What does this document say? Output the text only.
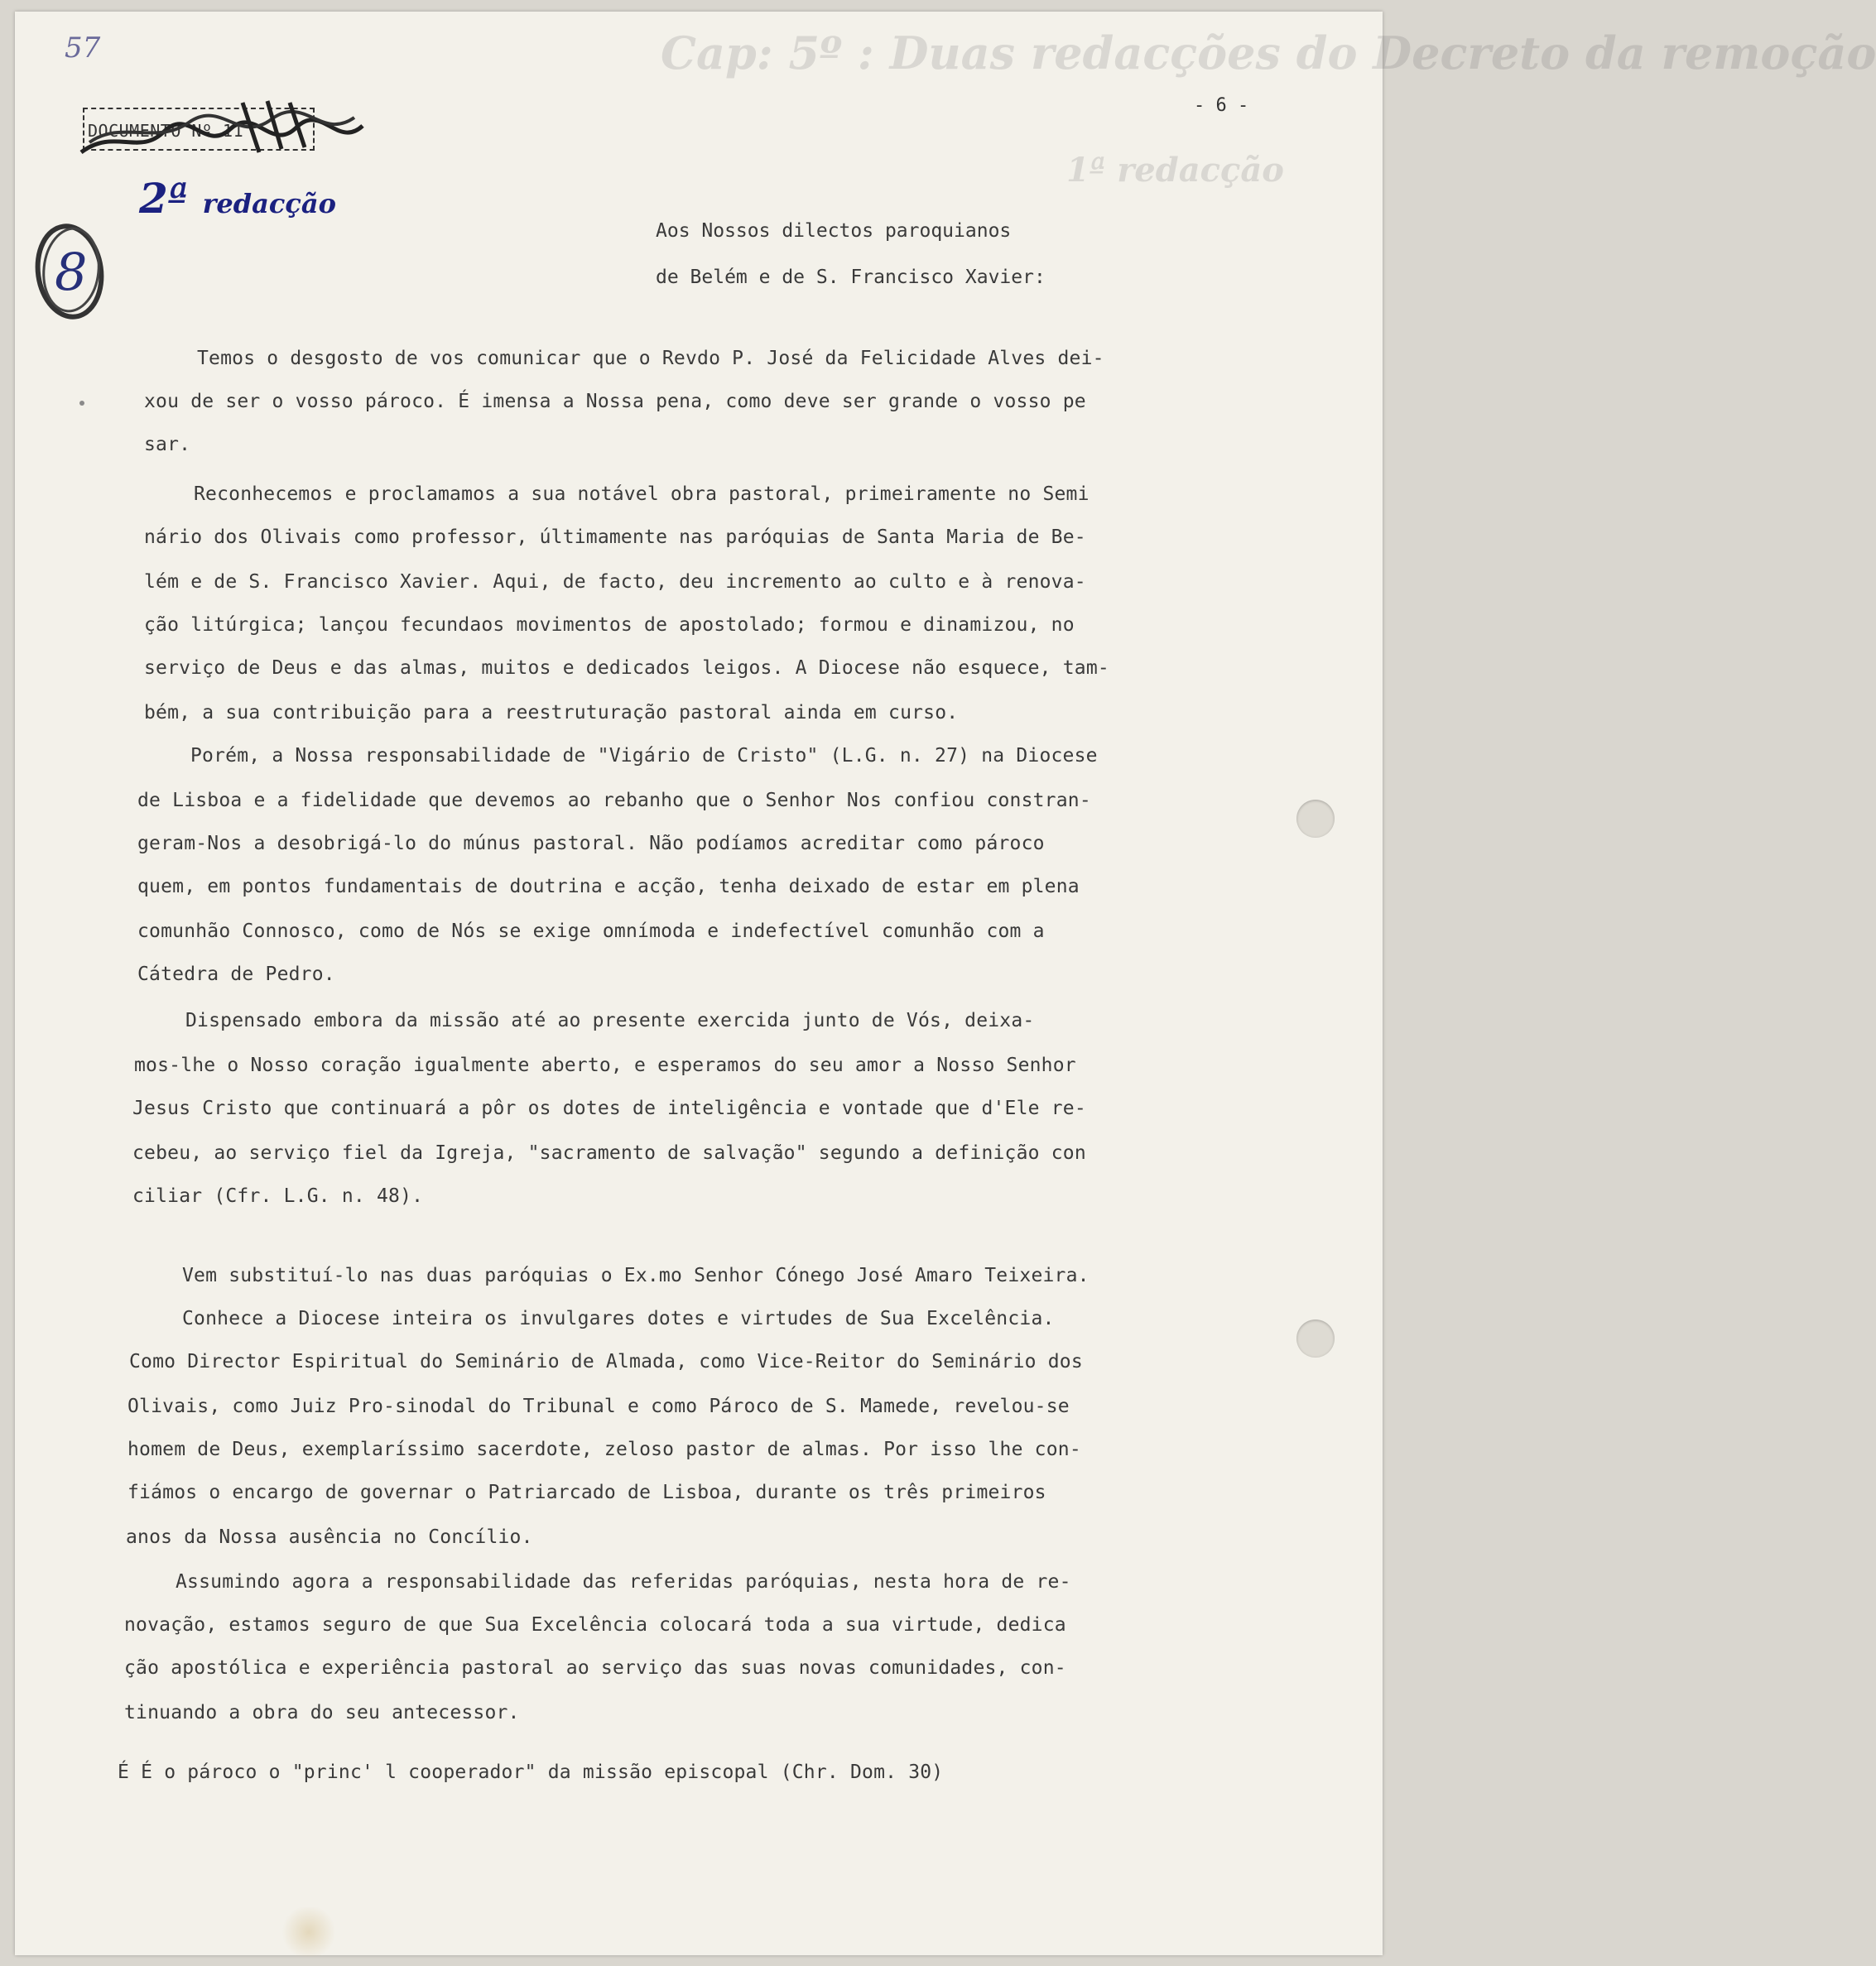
Cap: 5º : Duas redacções do Decreto da remoção
1ª redacção
57
DOCUMENTO Nº 11
2ª redacção
8
- 6 -
Aos Nossos dilectos paroquianos
de Belém e de S. Francisco Xavier:
Temos o desgosto de vos comunicar que o Revdo P. José da Felicidade Alves dei-
xou de ser o vosso pároco. É imensa a Nossa pena, como deve ser grande o vosso pe
sar.
Reconhecemos e proclamamos a sua notável obra pastoral, primeiramente no Semi
nário dos Olivais como professor, últimamente nas paróquias de Santa Maria de Be-
lém e de S. Francisco Xavier. Aqui, de facto, deu incremento ao culto e à renova-
ção litúrgica; lançou fecundaos movimentos de apostolado; formou e dinamizou, no
serviço de Deus e das almas, muitos e dedicados leigos. A Diocese não esquece, tam-
bém, a sua contribuição para a reestruturação pastoral ainda em curso.
Porém, a Nossa responsabilidade de "Vigário de Cristo" (L.G. n. 27) na Diocese
de Lisboa e a fidelidade que devemos ao rebanho que o Senhor Nos confiou constran-
geram-Nos a desobrigá-lo do múnus pastoral. Não podíamos acreditar como pároco
quem, em pontos fundamentais de doutrina e acção, tenha deixado de estar em plena
comunhão Connosco, como de Nós se exige omnímoda e indefectível comunhão com a
Cátedra de Pedro.
Dispensado embora da missão até ao presente exercida junto de Vós, deixa-
mos-lhe o Nosso coração igualmente aberto, e esperamos do seu amor a Nosso Senhor
Jesus Cristo que continuará a pôr os dotes de inteligência e vontade que d'Ele re-
cebeu, ao serviço fiel da Igreja, "sacramento de salvação" segundo a definição con
ciliar (Cfr. L.G. n. 48).
Vem substituí-lo nas duas paróquias o Ex.mo Senhor Cónego José Amaro Teixeira.
Conhece a Diocese inteira os invulgares dotes e virtudes de Sua Excelência.
Como Director Espiritual do Seminário de Almada, como Vice-Reitor do Seminário dos
Olivais, como Juiz Pro-sinodal do Tribunal e como Pároco de S. Mamede, revelou-se
homem de Deus, exemplaríssimo sacerdote, zeloso pastor de almas. Por isso lhe con-
fiámos o encargo de governar o Patriarcado de Lisboa, durante os três primeiros
anos da Nossa ausência no Concílio.
Assumindo agora a responsabilidade das referidas paróquias, nesta hora de re-
novação, estamos seguro de que Sua Excelência colocará toda a sua virtude, dedica
ção apostólica e experiência pastoral ao serviço das suas novas comunidades, con-
tinuando a obra do seu antecessor.
É É o pároco o "princ' l cooperador" da missão episcopal (Chr. Dom. 30)
